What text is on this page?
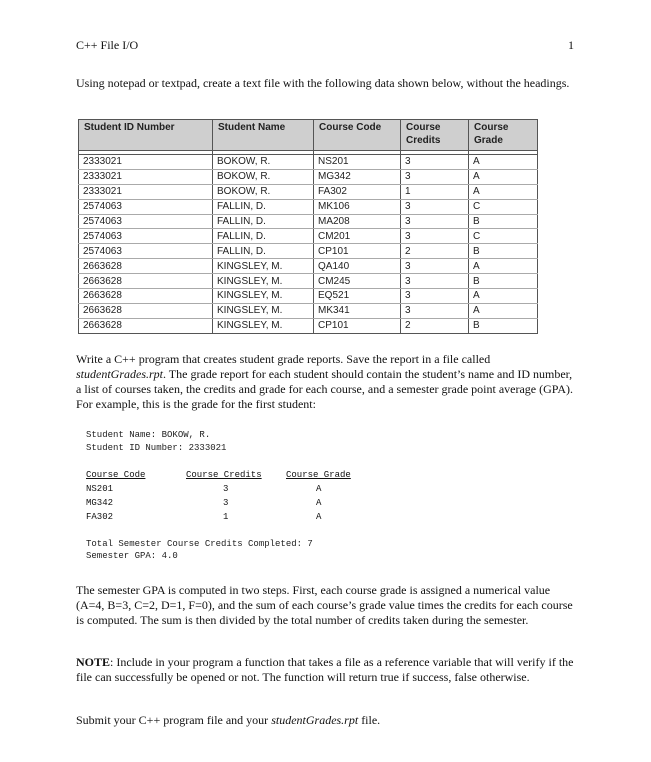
C++ File I/O	1

Using notepad or textpad, create a text file with the following data shown below, without the headings.

Student ID Number	Student Name	Course Code	Course Credits	Course Grade

2333021	BOKOW, R.	NS201	3	A
2333021	BOKOW, R.	MG342	3	A
2333021	BOKOW, R.	FA302	1	A
2574063	FALLIN, D.	MK106	3	C
2574063	FALLIN, D.	MA208	3	B
2574063	FALLIN, D.	CM201	3	C
2574063	FALLIN, D.	CP101	2	B
2663628	KINGSLEY, M.	QA140	3	A
2663628	KINGSLEY, M.	CM245	3	B
2663628	KINGSLEY, M.	EQ521	3	A
2663628	KINGSLEY, M.	MK341	3	A
2663628	KINGSLEY, M.	CP101	2	B

Write a C++ program that creates student grade reports. Save the report in a file called studentGrades.rpt. The grade report for each student should contain the student’s name and ID number, a list of courses taken, the credits and grade for each course, and a semester grade point average (GPA). For example, this is the grade for the first student:

Student Name: BOKOW, R.
Student ID Number: 2333021
Course Code	Course Credits	Course Grade
NS201	3	A
MG342	3	A
FA302	1	A
Total Semester Course Credits Completed: 7
Semester GPA: 4.0

The semester GPA is computed in two steps. First, each course grade is assigned a numerical value (A=4, B=3, C=2, D=1, F=0), and the sum of each course’s grade value times the credits for each course is computed. The sum is then divided by the total number of credits taken during the semester.

NOTE: Include in your program a function that takes a file as a reference variable that will verify if the file can successfully be opened or not. The function will return true if success, false otherwise.

Submit your C++ program file and your studentGrades.rpt file.
